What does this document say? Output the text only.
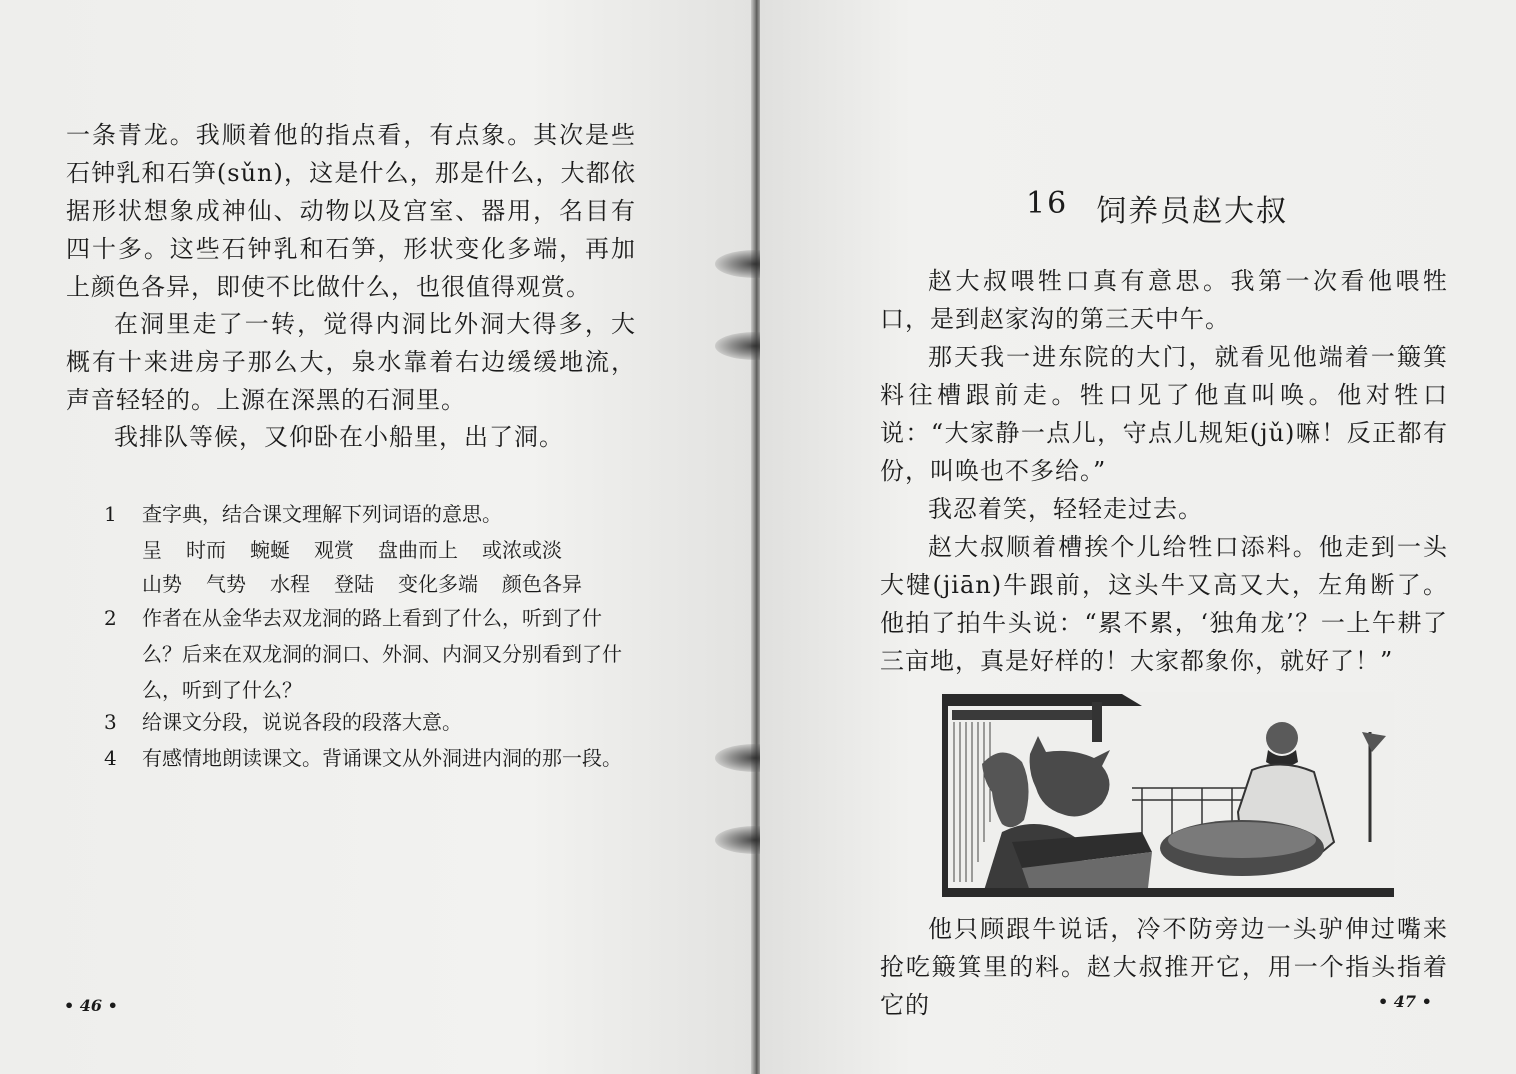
一条青龙。我顺着他的指点看，有点象。其次是些石钟乳和石笋(sǔn)，这是什么，那是什么，大都依据形状想象成神仙、动物以及宫室、器用，名目有四十多。这些石钟乳和石笋，形状变化多端，再加上颜色各异，即使不比做什么，也很值得观赏。

在洞里走了一转，觉得内洞比外洞大得多，大概有十来进房子那么大，泉水靠着右边缓缓地流，声音轻轻的。上源在深黑的石洞里。

我排队等候，又仰卧在小船里，出了洞。

1	查字典，结合课文理解下列词语的意思。
呈 时而 蜿蜒 观赏 盘曲而上 或浓或淡
山势 气势 水程 登陆 变化多端 颜色各异
2	作者在从金华去双龙洞的路上看到了什么，听到了什么？后来在双龙洞的洞口、外洞、内洞又分别看到了什么，听到了什么？
3	给课文分段，说说各段的段落大意。
4	有感情地朗读课文。背诵课文从外洞进内洞的那一段。
• 46 •
16 饲养员赵大叔

赵大叔喂牲口真有意思。我第一次看他喂牲口，是到赵家沟的第三天中午。

那天我一进东院的大门，就看见他端着一簸箕料往槽跟前走。牲口见了他直叫唤。他对牲口说：“大家静一点儿，守点儿规矩(jǔ)嘛！反正都有份，叫唤也不多给。”

我忍着笑，轻轻走过去。

赵大叔顺着槽挨个儿给牲口添料。他走到一头大犍(jiān)牛跟前，这头牛又高又大，左角断了。他拍了拍牛头说：“累不累，‘独角龙’？一上午耕了三亩地，真是好样的！大家都象你，就好了！”

他只顾跟牛说话，冷不防旁边一头驴伸过嘴来抢吃簸箕里的料。赵大叔推开它，用一个指头指着它的	• 47 •
